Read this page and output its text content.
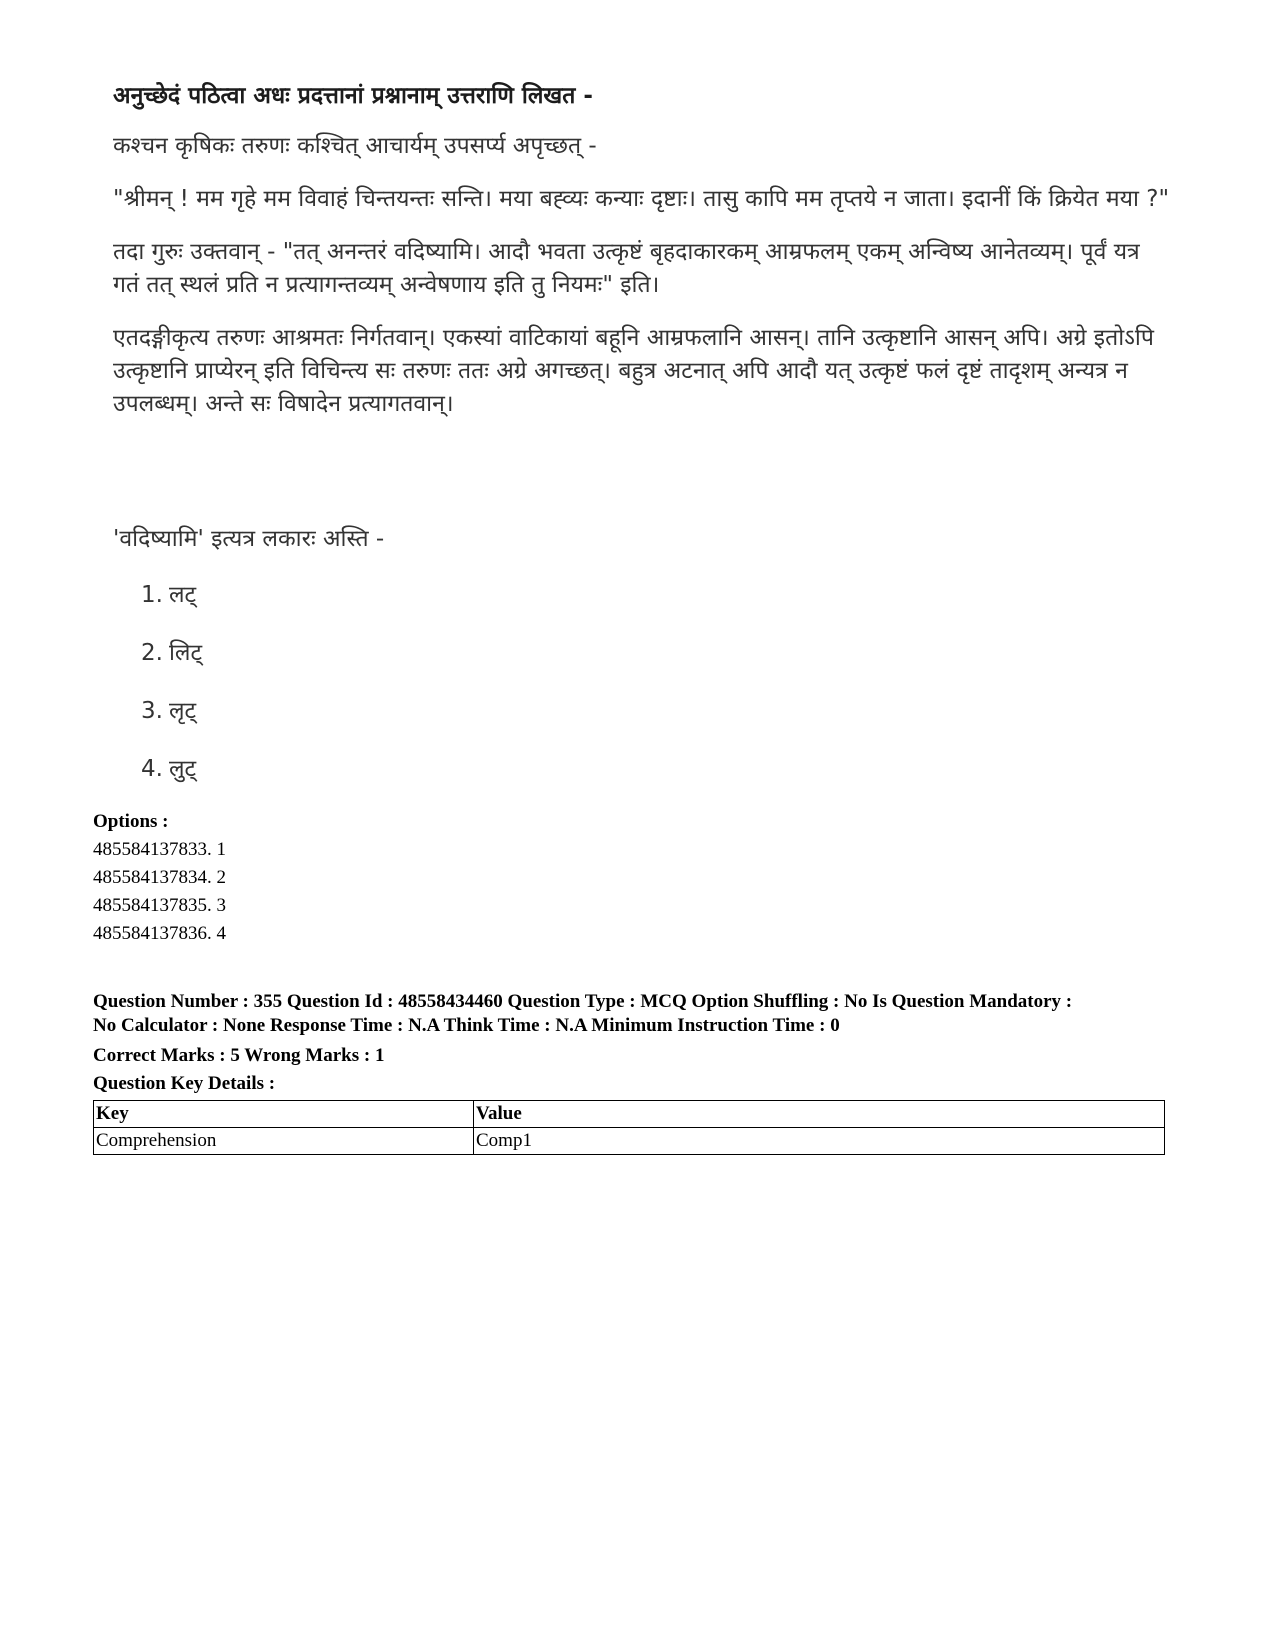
अनुच्छेदं पठित्वा अधः प्रदत्तानां प्रश्नानाम् उत्तराणि लिखत -
कश्चन कृषिकः तरुणः कश्चित् आचार्यम् उपसर्प्य अपृच्छत् -
"श्रीमन् ! मम गृहे मम विवाहं चिन्तयन्तः सन्ति। मया बह्व्यः कन्याः दृष्टाः। तासु कापि मम तृप्तये न जाता। इदानीं किं क्रियेत मया ?"
तदा गुरुः उक्तवान् - "तत् अनन्तरं वदिष्यामि। आदौ भवता उत्कृष्टं बृहदाकारकम् आम्रफलम् एकम् अन्विष्य आनेतव्यम्। पूर्वं यत्र गतं तत् स्थलं प्रति न प्रत्यागन्तव्यम् अन्वेषणाय इति तु नियमः" इति।
एतदङ्गीकृत्य तरुणः आश्रमतः निर्गतवान्। एकस्यां वाटिकायां बहूनि आम्रफलानि आसन्। तानि उत्कृष्टानि आसन् अपि। अग्रे इतोऽपि उत्कृष्टानि प्राप्येरन् इति विचिन्त्य सः तरुणः ततः अग्रे अगच्छत्। बहुत्र अटनात् अपि आदौ यत् उत्कृष्टं फलं दृष्टं तादृशम् अन्यत्र न उपलब्धम्। अन्ते सः विषादेन प्रत्यागतवान्।
'वदिष्यामि' इत्यत्र लकारः अस्ति -
1. लट्
2. लिट्
3. लृट्
4. लुट्
Options :
485584137833. 1
485584137834. 2
485584137835. 3
485584137836. 4
Question Number : 355 Question Id : 48558434460 Question Type : MCQ Option Shuffling : No Is Question Mandatory :
No Calculator : None Response Time : N.A Think Time : N.A Minimum Instruction Time : 0
Correct Marks : 5 Wrong Marks : 1
Question Key Details :
Key	Value
Comprehension	Comp1
